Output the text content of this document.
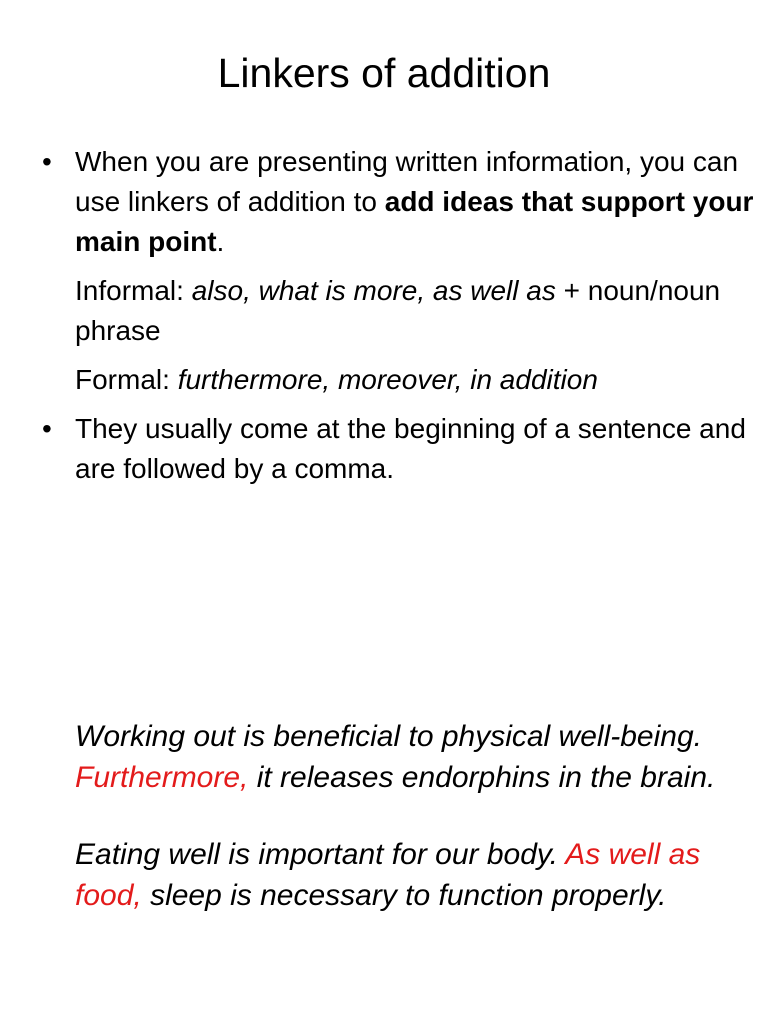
Linkers of addition

• When you are presenting written information, you can use linkers of addition to add ideas that support your main point.

Informal: also, what is more, as well as + noun/noun phrase

Formal: furthermore, moreover, in addition

• They usually come at the beginning of a sentence and are followed by a comma.

Working out is beneficial to physical well-being. Furthermore, it releases endorphins in the brain.

Eating well is important for our body. As well as food, sleep is necessary to function properly.
